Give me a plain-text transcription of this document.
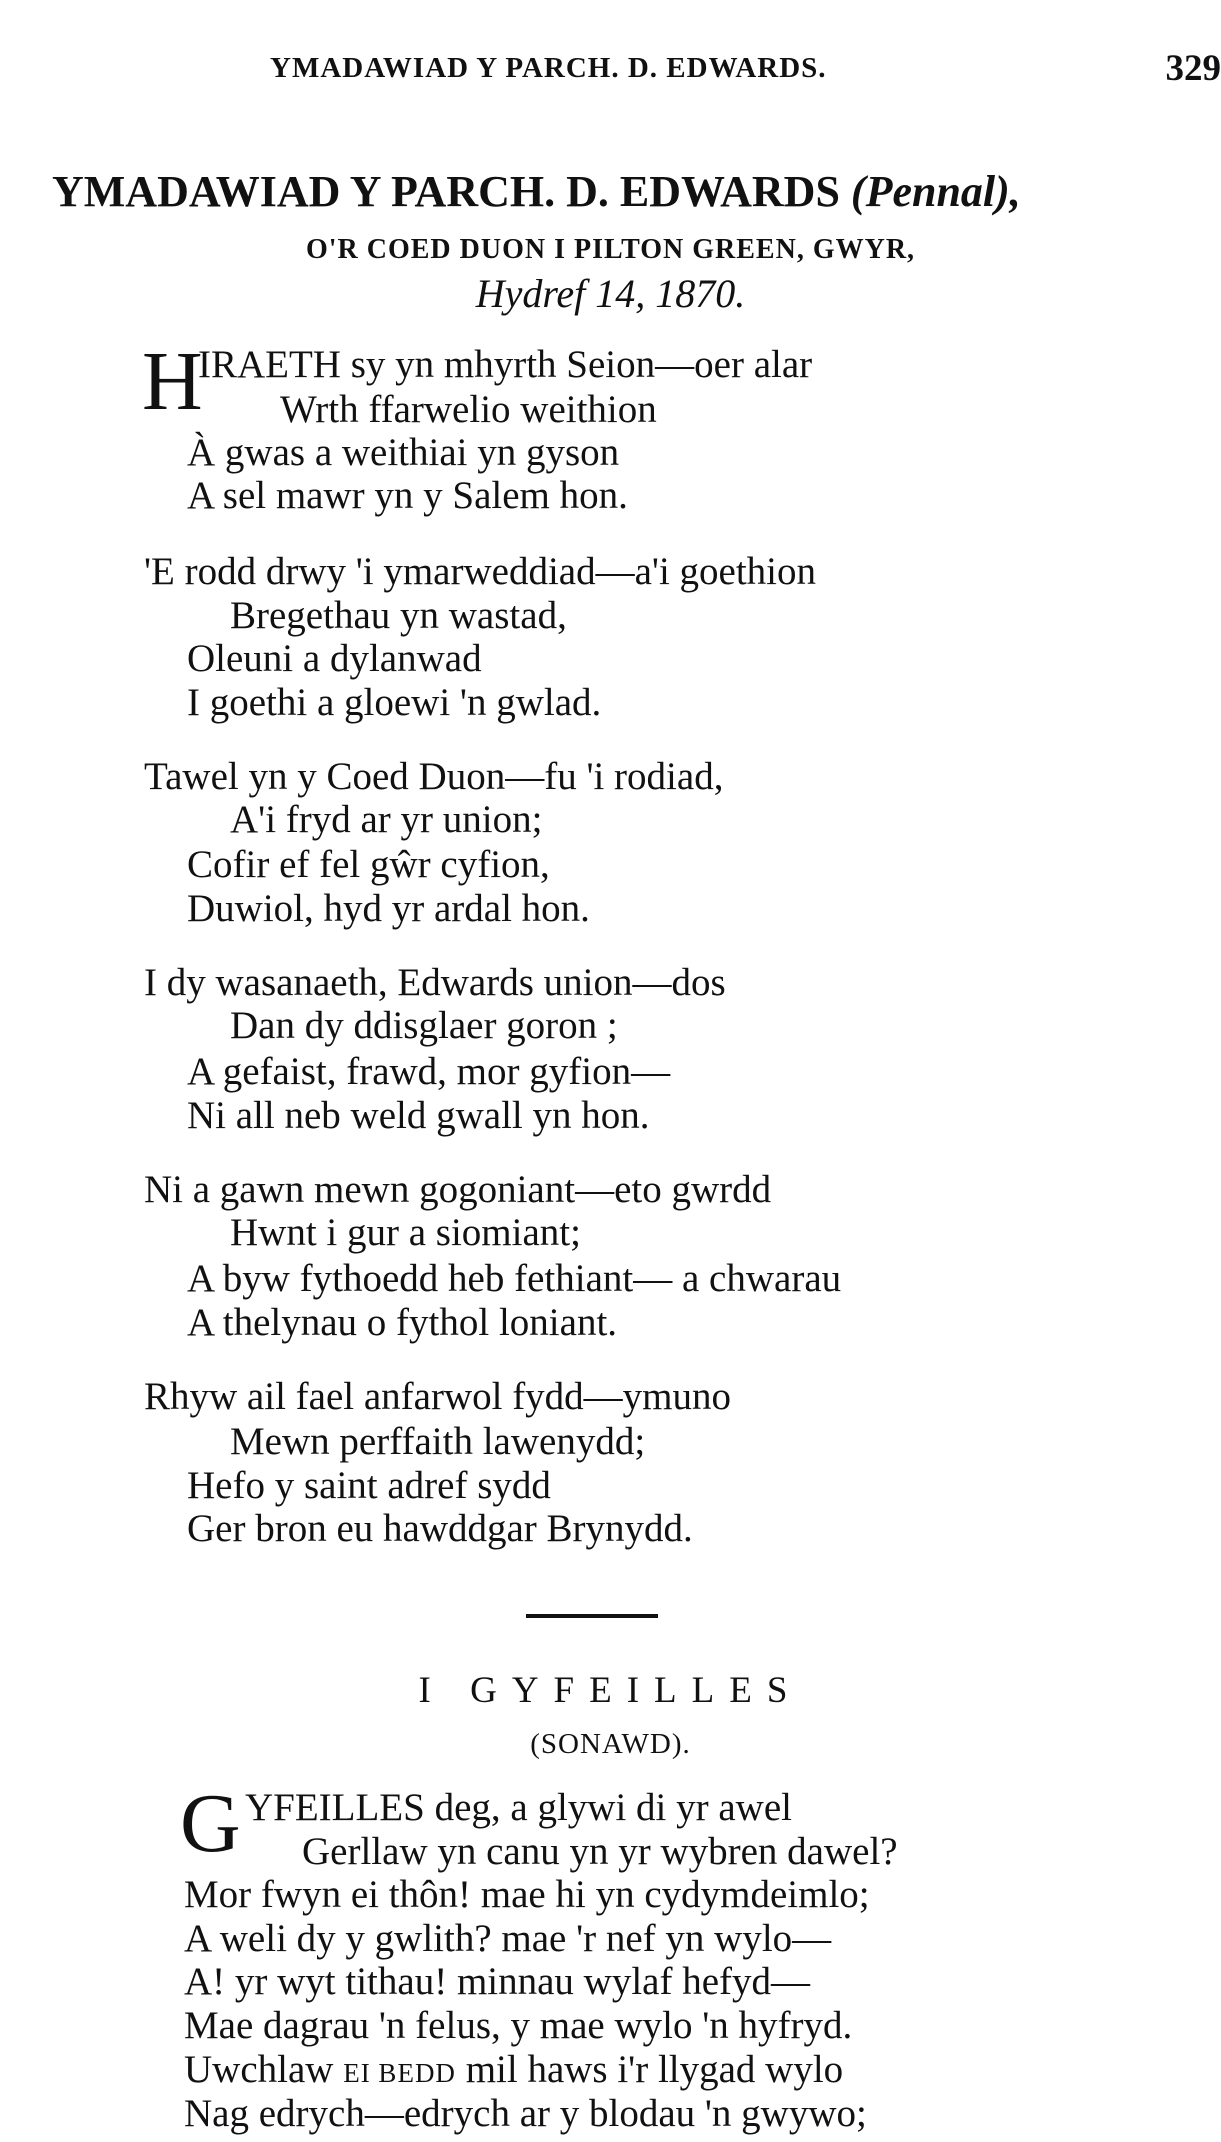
YMADAWIAD Y PARCH. D. EDWARDS.	329
YMADAWIAD Y PARCH. D. EDWARDS (Pennal),
O'R COED DUON I PILTON GREEN, GWYR,
Hydref 14, 1870.
H
IRAETH sy yn mhyrth Seion—oer alar
Wrth ffarwelio weithion
À gwas a weithiai yn gyson
A sel mawr yn y Salem hon.
'E rodd drwy 'i ymarweddiad—a'i goethion
Bregethau yn wastad,
Oleuni a dylanwad
I goethi a gloewi 'n gwlad.
Tawel yn y Coed Duon—fu 'i rodiad,
A'i fryd ar yr union;
Cofir ef fel gŵr cyfion,
Duwiol, hyd yr ardal hon.
I dy wasanaeth, Edwards union—dos
Dan dy ddisglaer goron ;
A gefaist, frawd, mor gyfion—
Ni all neb weld gwall yn hon.
Ni a gawn mewn gogoniant—eto gwrdd
Hwnt i gur a siomiant;
A byw fythoedd heb fethiant— a chwarau
A thelynau o fythol loniant.
Rhyw ail fael anfarwol fydd—ymuno
Mewn perffaith lawenydd;
Hefo y saint adref sydd
Ger bron eu hawddgar Brynydd.
I GYFEILLES
(SONAWD).
G YFEILLES deg, a glywi di yr awel
Gerllaw yn canu yn yr wybren dawel?
Mor fwyn ei thôn! mae hi yn cydymdeimlo;
A weli dy y gwlith? mae 'r nef yn wylo—
A! yr wyt tithau! minnau wylaf hefyd—
Mae dagrau 'n felus, y mae wylo 'n hyfryd.
Uwchlaw EI BEDD mil haws i'r llygad wylo
Nag edrych—edrych ar y blodau 'n gwywo;
